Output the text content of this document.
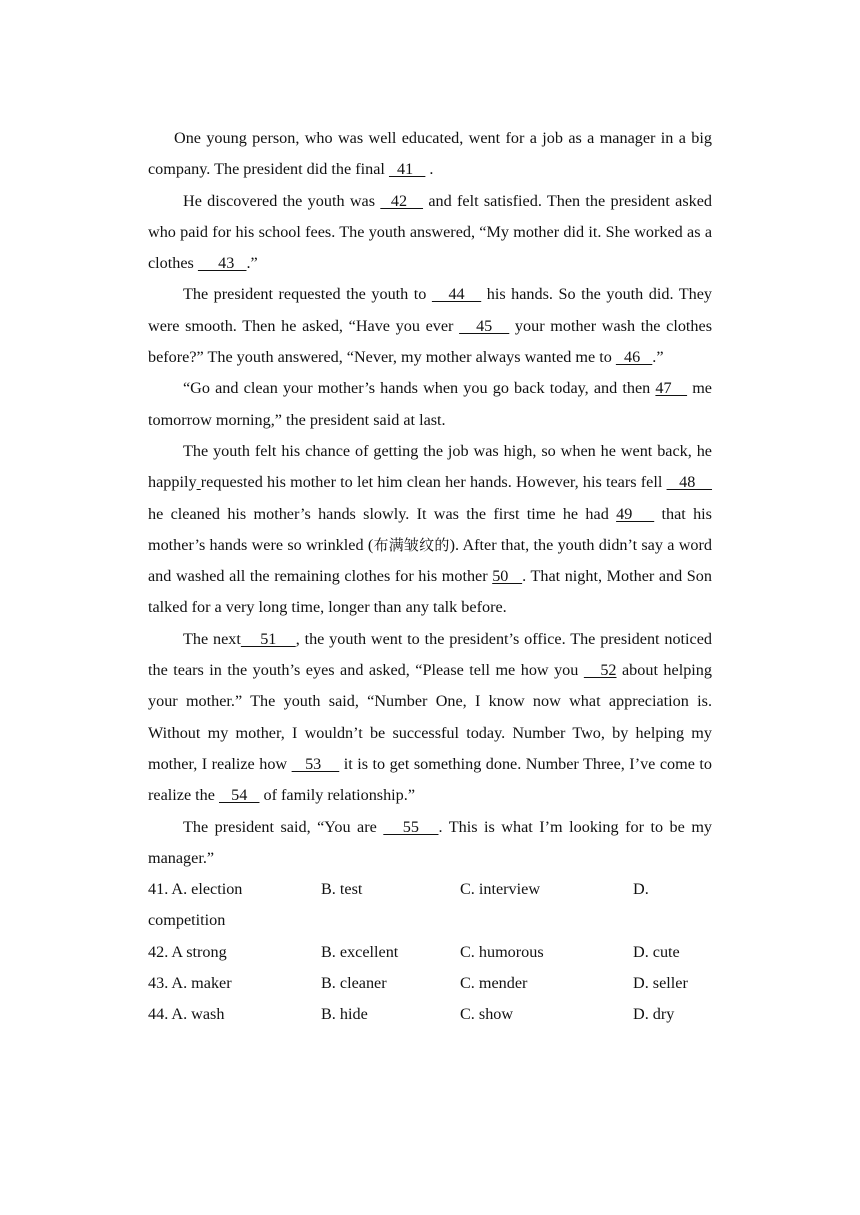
One young person, who was well educated, went for a job as a manager in a big company. The president did the final   41    .

He discovered the youth was   42    and felt satisfied. Then the president asked who paid for his school fees. The youth answered, “My mother did it. She worked as a clothes      43   .”

The president requested the youth to    44    his hands. So the youth did. They were smooth. Then he asked, “Have you ever    45    your mother wash the clothes before?” The youth answered, “Never, my mother always wanted me to   46   .”

“Go and clean your mother’s hands when you go back today, and then 47    me tomorrow morning,” the president said at last.

The youth felt his chance of getting the job was high, so when he went back, he happily requested his mother to let him clean her hands. However, his tears fell    48     he cleaned his mother’s hands slowly. It was the first time he had 49    that his mother’s hands were so wrinkled (布满皱纹的). After that, the youth didn’t say a word and washed all the remaining clothes for his mother 50   . That night, Mother and Son talked for a very long time, longer than any talk before.

The next    51    , the youth went to the president’s office. The president noticed the tears in the youth’s eyes and asked, “Please tell me how you    52 about helping your mother.” The youth said, “Number One, I know now what appreciation is. Without my mother, I wouldn’t be successful today. Number Two, by helping my mother, I realize how    53     it is to get something done. Number Three, I’ve come to realize the    54    of family relationship.”

The president said, “You are    55   . This is what I’m looking for to be my manager.”

41. A. election	B. test	C. interview	D.
competition
42. A strong	B. excellent	C. humorous	D. cute
43. A. maker	B. cleaner	C. mender	D. seller
44. A. wash	B. hide	C. show	D. dry
